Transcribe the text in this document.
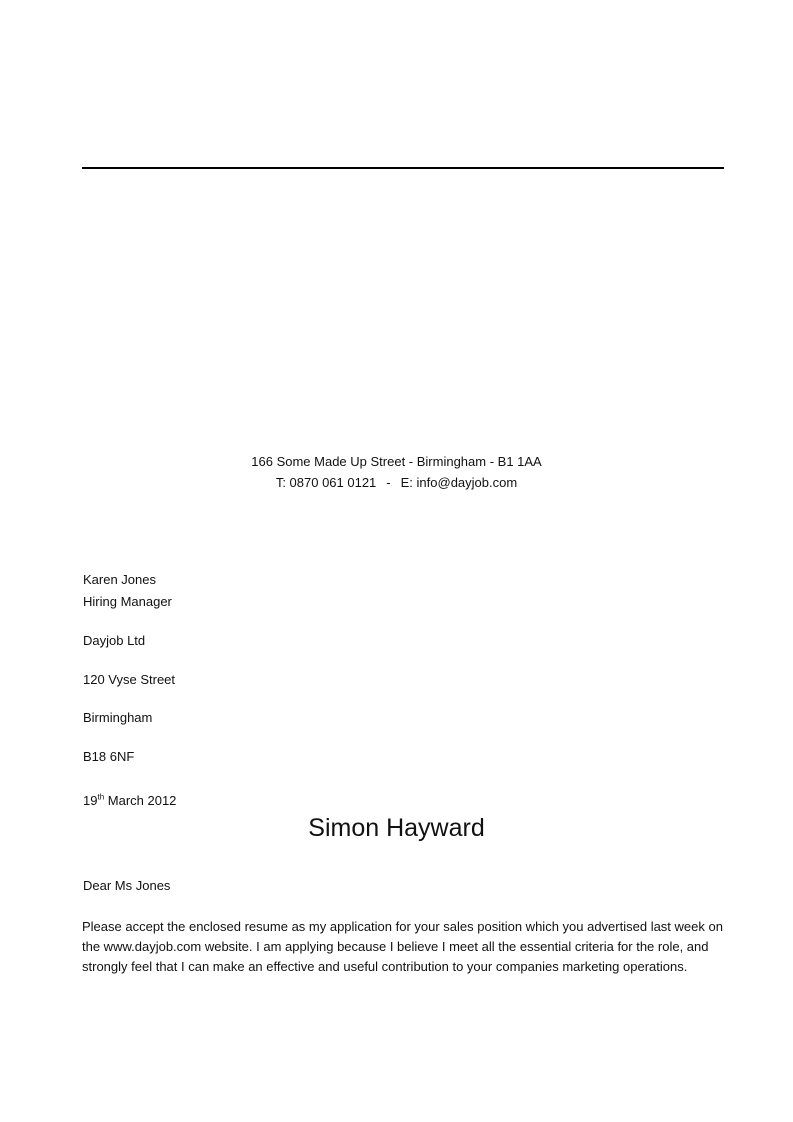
166 Some Made Up Street - Birmingham - B1 1AA
T: 0870 061 0121 - E: info@dayjob.com
Karen Jones
Hiring Manager
Dayjob Ltd
120 Vyse Street
Birmingham
B18 6NF
19th March 2012
Simon Hayward
Dear Ms Jones
Please accept the enclosed resume as my application for your sales position which you advertised last week on the www.dayjob.com website. I am applying because I believe I meet all the essential criteria for the role, and strongly feel that I can make an effective and useful contribution to your companies marketing operations.
